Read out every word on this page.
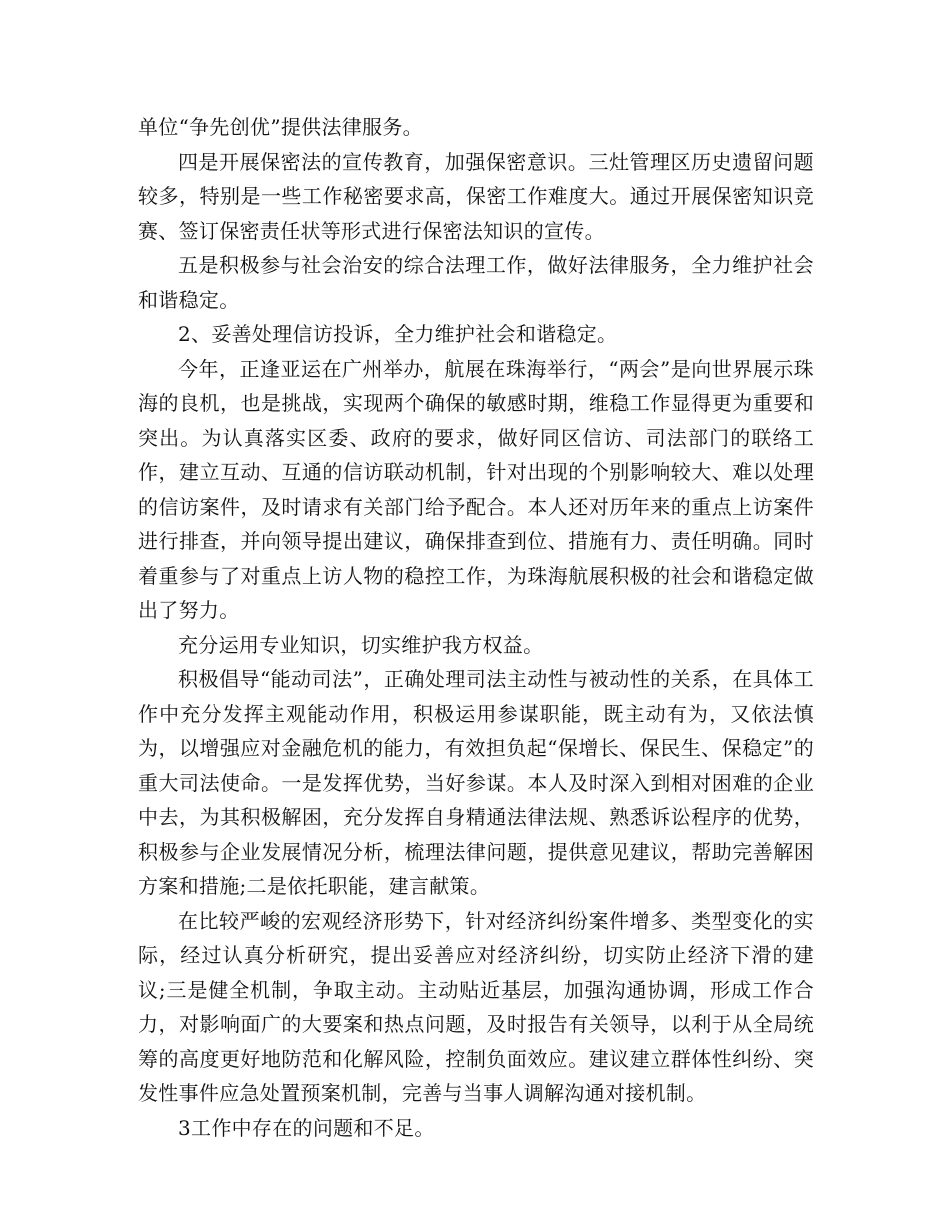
单位“争先创优”提供法律服务。

四是开展保密法的宣传教育，加强保密意识。三灶管理区历史遗留问题较多，特别是一些工作秘密要求高，保密工作难度大。通过开展保密知识竞赛、签订保密责任状等形式进行保密法知识的宣传。

五是积极参与社会治安的综合法理工作，做好法律服务，全力维护社会和谐稳定。

2、妥善处理信访投诉，全力维护社会和谐稳定。

今年，正逢亚运在广州举办，航展在珠海举行，“两会”是向世界展示珠海的良机，也是挑战，实现两个确保的敏感时期，维稳工作显得更为重要和突出。为认真落实区委、政府的要求，做好同区信访、司法部门的联络工作，建立互动、互通的信访联动机制，针对出现的个别影响较大、难以处理的信访案件，及时请求有关部门给予配合。本人还对历年来的重点上访案件进行排查，并向领导提出建议，确保排查到位、措施有力、责任明确。同时着重参与了对重点上访人物的稳控工作，为珠海航展积极的社会和谐稳定做出了努力。

充分运用专业知识，切实维护我方权益。

积极倡导“能动司法”，正确处理司法主动性与被动性的关系，在具体工作中充分发挥主观能动作用，积极运用参谋职能，既主动有为，又依法慎为，以增强应对金融危机的能力，有效担负起“保增长、保民生、保稳定”的重大司法使命。一是发挥优势，当好参谋。本人及时深入到相对困难的企业中去，为其积极解困，充分发挥自身精通法律法规、熟悉诉讼程序的优势，积极参与企业发展情况分析，梳理法律问题，提供意见建议，帮助完善解困方案和措施;二是依托职能，建言献策。

在比较严峻的宏观经济形势下，针对经济纠纷案件增多、类型变化的实际，经过认真分析研究，提出妥善应对经济纠纷，切实防止经济下滑的建议;三是健全机制，争取主动。主动贴近基层，加强沟通协调，形成工作合力，对影响面广的大要案和热点问题，及时报告有关领导，以利于从全局统筹的高度更好地防范和化解风险，控制负面效应。建议建立群体性纠纷、突发性事件应急处置预案机制，完善与当事人调解沟通对接机制。

3工作中存在的问题和不足。
